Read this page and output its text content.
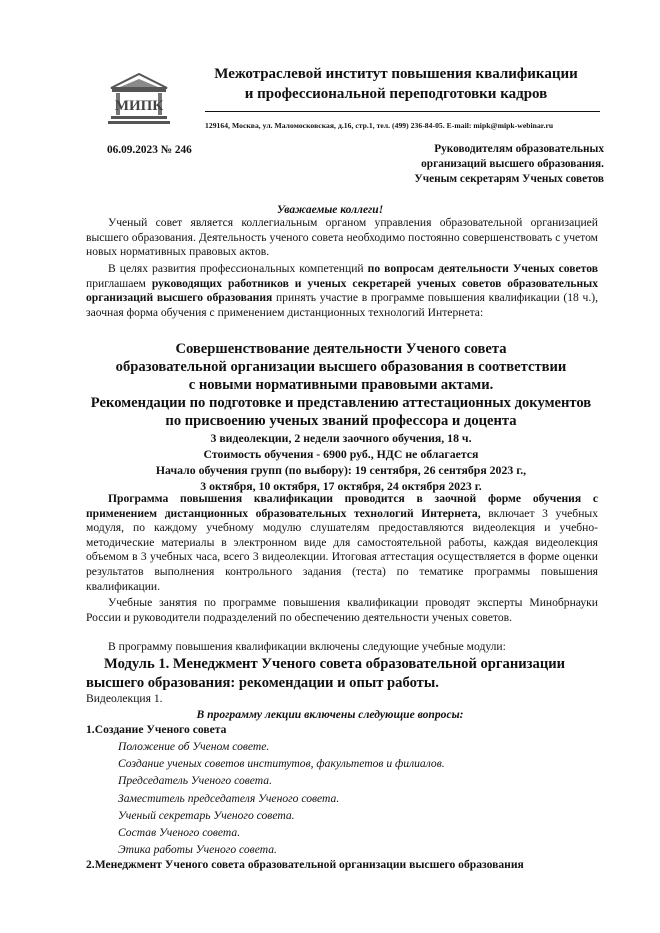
МИПК
Межотраслевой институт повышения квалификации
и профессиональной переподготовки кадров
129164, Москва, ул. Маломосковская, д.16, стр.1, тел. (499) 236-84-05. E-mail: mipk@mipk-webinar.ru
06.09.2023 № 246	Руководителям образовательных
организаций высшего образования.
Ученым секретарям Ученых советов
Уважаемые коллеги!
Ученый совет является коллегиальным органом управления образовательной организацией высшего образования. Деятельность ученого совета необходимо постоянно совершенствовать с учетом новых нормативных правовых актов.
В целях развития профессиональных компетенций по вопросам деятельности Ученых советов приглашаем руководящих работников и ученых секретарей ученых советов образовательных организаций высшего образования принять участие в программе повышения квалификации (18 ч.), заочная форма обучения с применением дистанционных технологий Интернета:
Совершенствование деятельности Ученого совета
образовательной организации высшего образования в соответствии
с новыми нормативными правовыми актами.
Рекомендации по подготовке и представлению аттестационных документов
по присвоению ученых званий профессора и доцента
3 видеолекции, 2 недели заочного обучения, 18 ч.
Стоимость обучения - 6900 руб., НДС не облагается
Начало обучения групп (по выбору): 19 сентября, 26 сентября 2023 г.,
3 октября, 10 октября, 17 октября, 24 октября 2023 г.
Программа повышения квалификации проводится в заочной форме обучения с применением дистанционных образовательных технологий Интернета, включает 3 учебных модуля, по каждому учебному модулю слушателям предоставляются видеолекция и учебно-методические материалы в электронном виде для самостоятельной работы, каждая видеолекция объемом в 3 учебных часа, всего 3 видеолекции. Итоговая аттестация осуществляется в форме оценки результатов выполнения контрольного задания (теста) по тематике программы повышения квалификации.
Учебные занятия по программе повышения квалификации проводят эксперты Минобрнауки России и руководители подразделений по обеспечению деятельности ученых советов.
В программу повышения квалификации включены следующие учебные модули:
Модуль 1. Менеджмент Ученого совета образовательной организации высшего образования: рекомендации и опыт работы.
Видеолекция 1.
В программу лекции включены следующие вопросы:
1.Создание Ученого совета
Положение об Ученом совете.
Создание ученых советов институтов, факультетов и филиалов.
Председатель Ученого совета.
Заместитель председателя Ученого совета.
Ученый секретарь Ученого совета.
Состав Ученого совета.
Этика работы Ученого совета.
2.Менеджмент Ученого совета образовательной организации высшего образования
